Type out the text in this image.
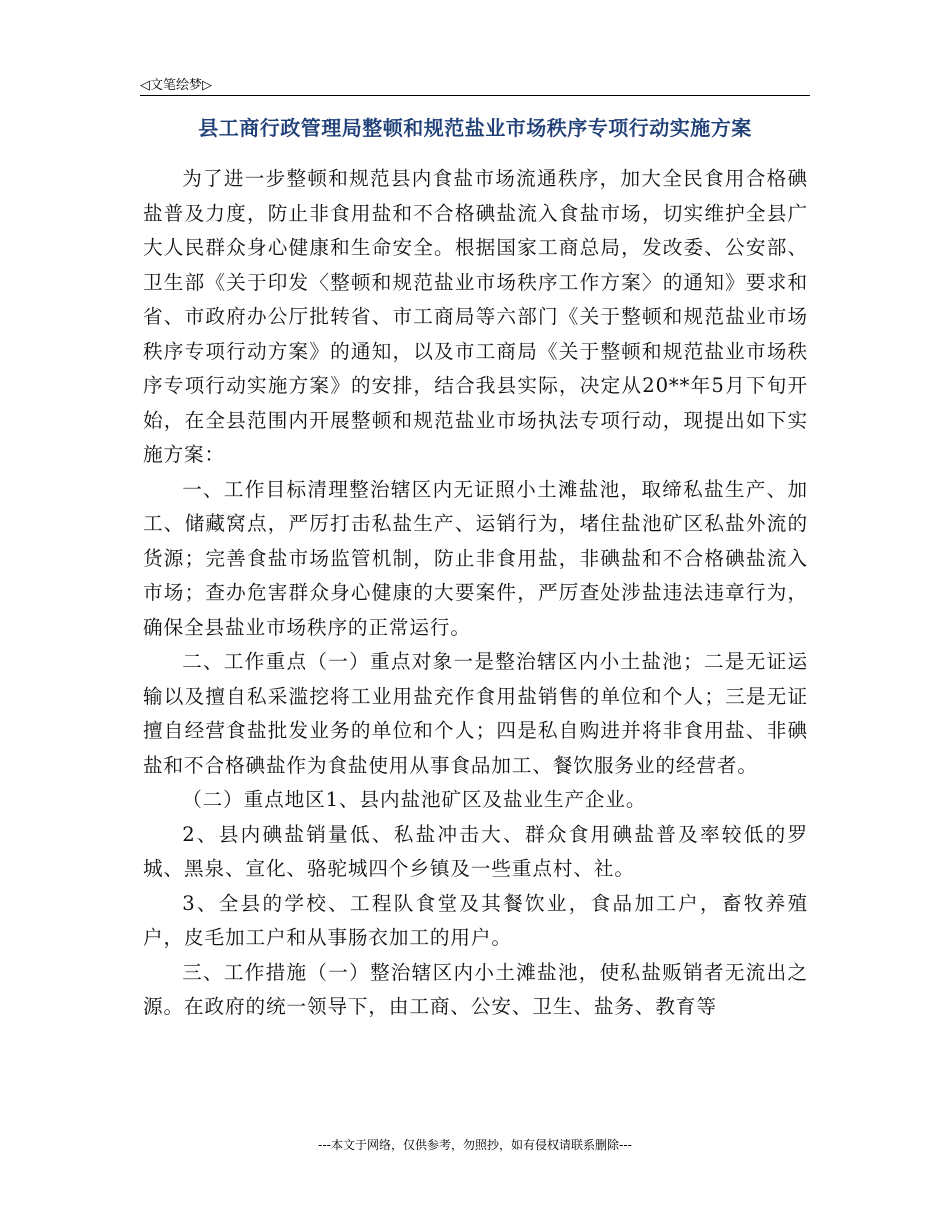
◁文笔绘梦▷
县工商行政管理局整顿和规范盐业市场秩序专项行动实施方案

为了进一步整顿和规范县内食盐市场流通秩序，加大全民食用合格碘盐普及力度，防止非食用盐和不合格碘盐流入食盐市场，切实维护全县广大人民群众身心健康和生命安全。根据国家工商总局，发改委、公安部、卫生部《关于印发〈整顿和规范盐业市场秩序工作方案〉的通知》要求和省、市政府办公厅批转省、市工商局等六部门《关于整顿和规范盐业市场秩序专项行动方案》的通知，以及市工商局《关于整顿和规范盐业市场秩序专项行动实施方案》的安排，结合我县实际，决定从20**年5月下旬开始，在全县范围内开展整顿和规范盐业市场执法专项行动，现提出如下实施方案：

一、工作目标清理整治辖区内无证照小土滩盐池，取缔私盐生产、加工、储藏窝点，严厉打击私盐生产、运销行为，堵住盐池矿区私盐外流的货源；完善食盐市场监管机制，防止非食用盐，非碘盐和不合格碘盐流入市场；查办危害群众身心健康的大要案件，严厉查处涉盐违法违章行为，确保全县盐业市场秩序的正常运行。

二、工作重点（一）重点对象一是整治辖区内小土盐池；二是无证运输以及擅自私采滥挖将工业用盐充作食用盐销售的单位和个人；三是无证擅自经营食盐批发业务的单位和个人；四是私自购进并将非食用盐、非碘盐和不合格碘盐作为食盐使用从事食品加工、餐饮服务业的经营者。

（二）重点地区1、县内盐池矿区及盐业生产企业。

2、县内碘盐销量低、私盐冲击大、群众食用碘盐普及率较低的罗城、黑泉、宣化、骆驼城四个乡镇及一些重点村、社。

3、全县的学校、工程队食堂及其餐饮业，食品加工户，畜牧养殖户，皮毛加工户和从事肠衣加工的用户。

三、工作措施（一）整治辖区内小土滩盐池，使私盐贩销者无流出之源。在政府的统一领导下，由工商、公安、卫生、盐务、教育等

---本文于网络，仅供参考，勿照抄，如有侵权请联系删除---
